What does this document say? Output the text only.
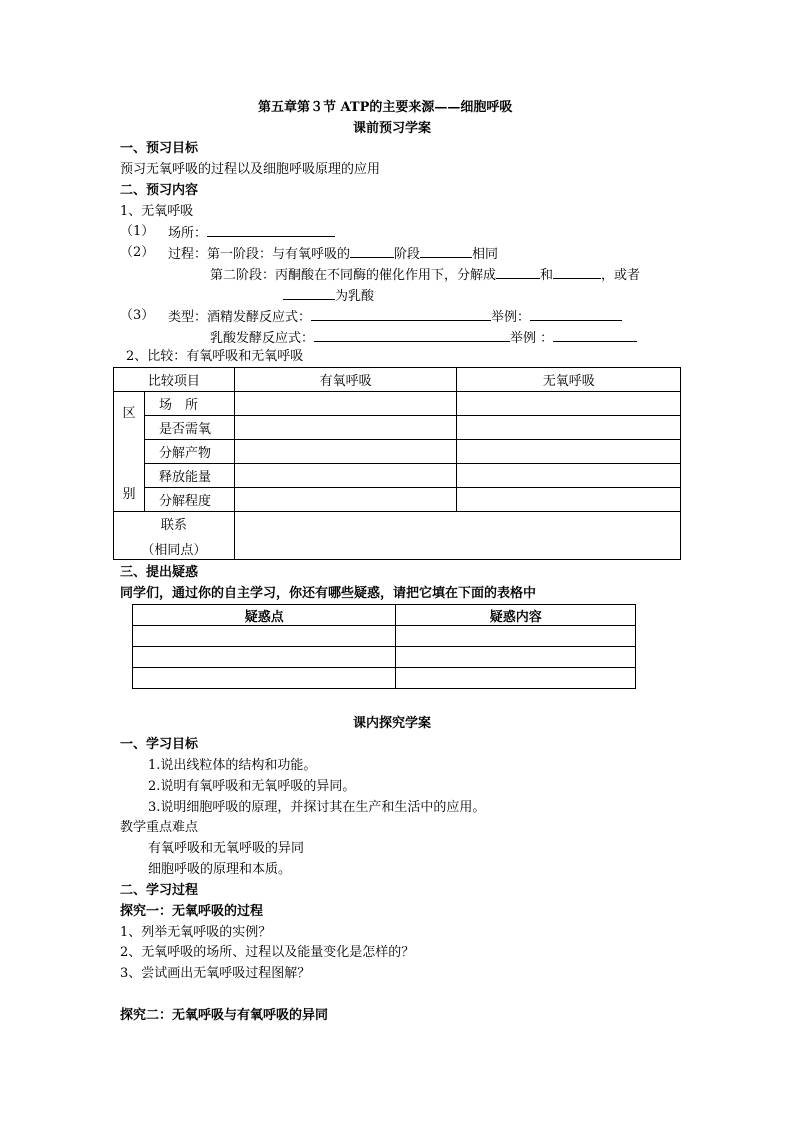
第五章第３节 ATP的主要来源——细胞呼吸
课前预习学案
一、预习目标
预习无氧呼吸的过程以及细胞呼吸原理的应用
二、预习内容
1、无氧呼吸
（1） 场所：
（2） 过程：第一阶段：与有氧呼吸的	阶段	相同
第二阶段：丙酮酸在不同酶的催化作用下，分解成	和	，或者
为乳酸
（3） 类型：酒精发酵反应式：	举例：
乳酸发酵反应式：	举例 ：
2、比较：有氧呼吸和无氧呼吸
比较项目		有氧呼吸	无氧呼吸

区
别	场　所		
	是否需氧		
	分解产物		
	释放能量		
	分解程度		

联系
（相同点）			

三、提出疑惑
同学们，通过你的自主学习，你还有哪些疑惑，请把它填在下面的表格中
疑惑点	疑惑内容

课内探究学案
一、学习目标
1.说出线粒体的结构和功能。
2.说明有氧呼吸和无氧呼吸的异同。
3.说明细胞呼吸的原理，并探讨其在生产和生活中的应用。
教学重点难点
有氧呼吸和无氧呼吸的异同
细胞呼吸的原理和本质。
二、学习过程
探究一：无氧呼吸的过程
1、列举无氧呼吸的实例？
2、无氧呼吸的场所、过程以及能量变化是怎样的？
3、尝试画出无氧呼吸过程图解？
探究二：无氧呼吸与有氧呼吸的异同
